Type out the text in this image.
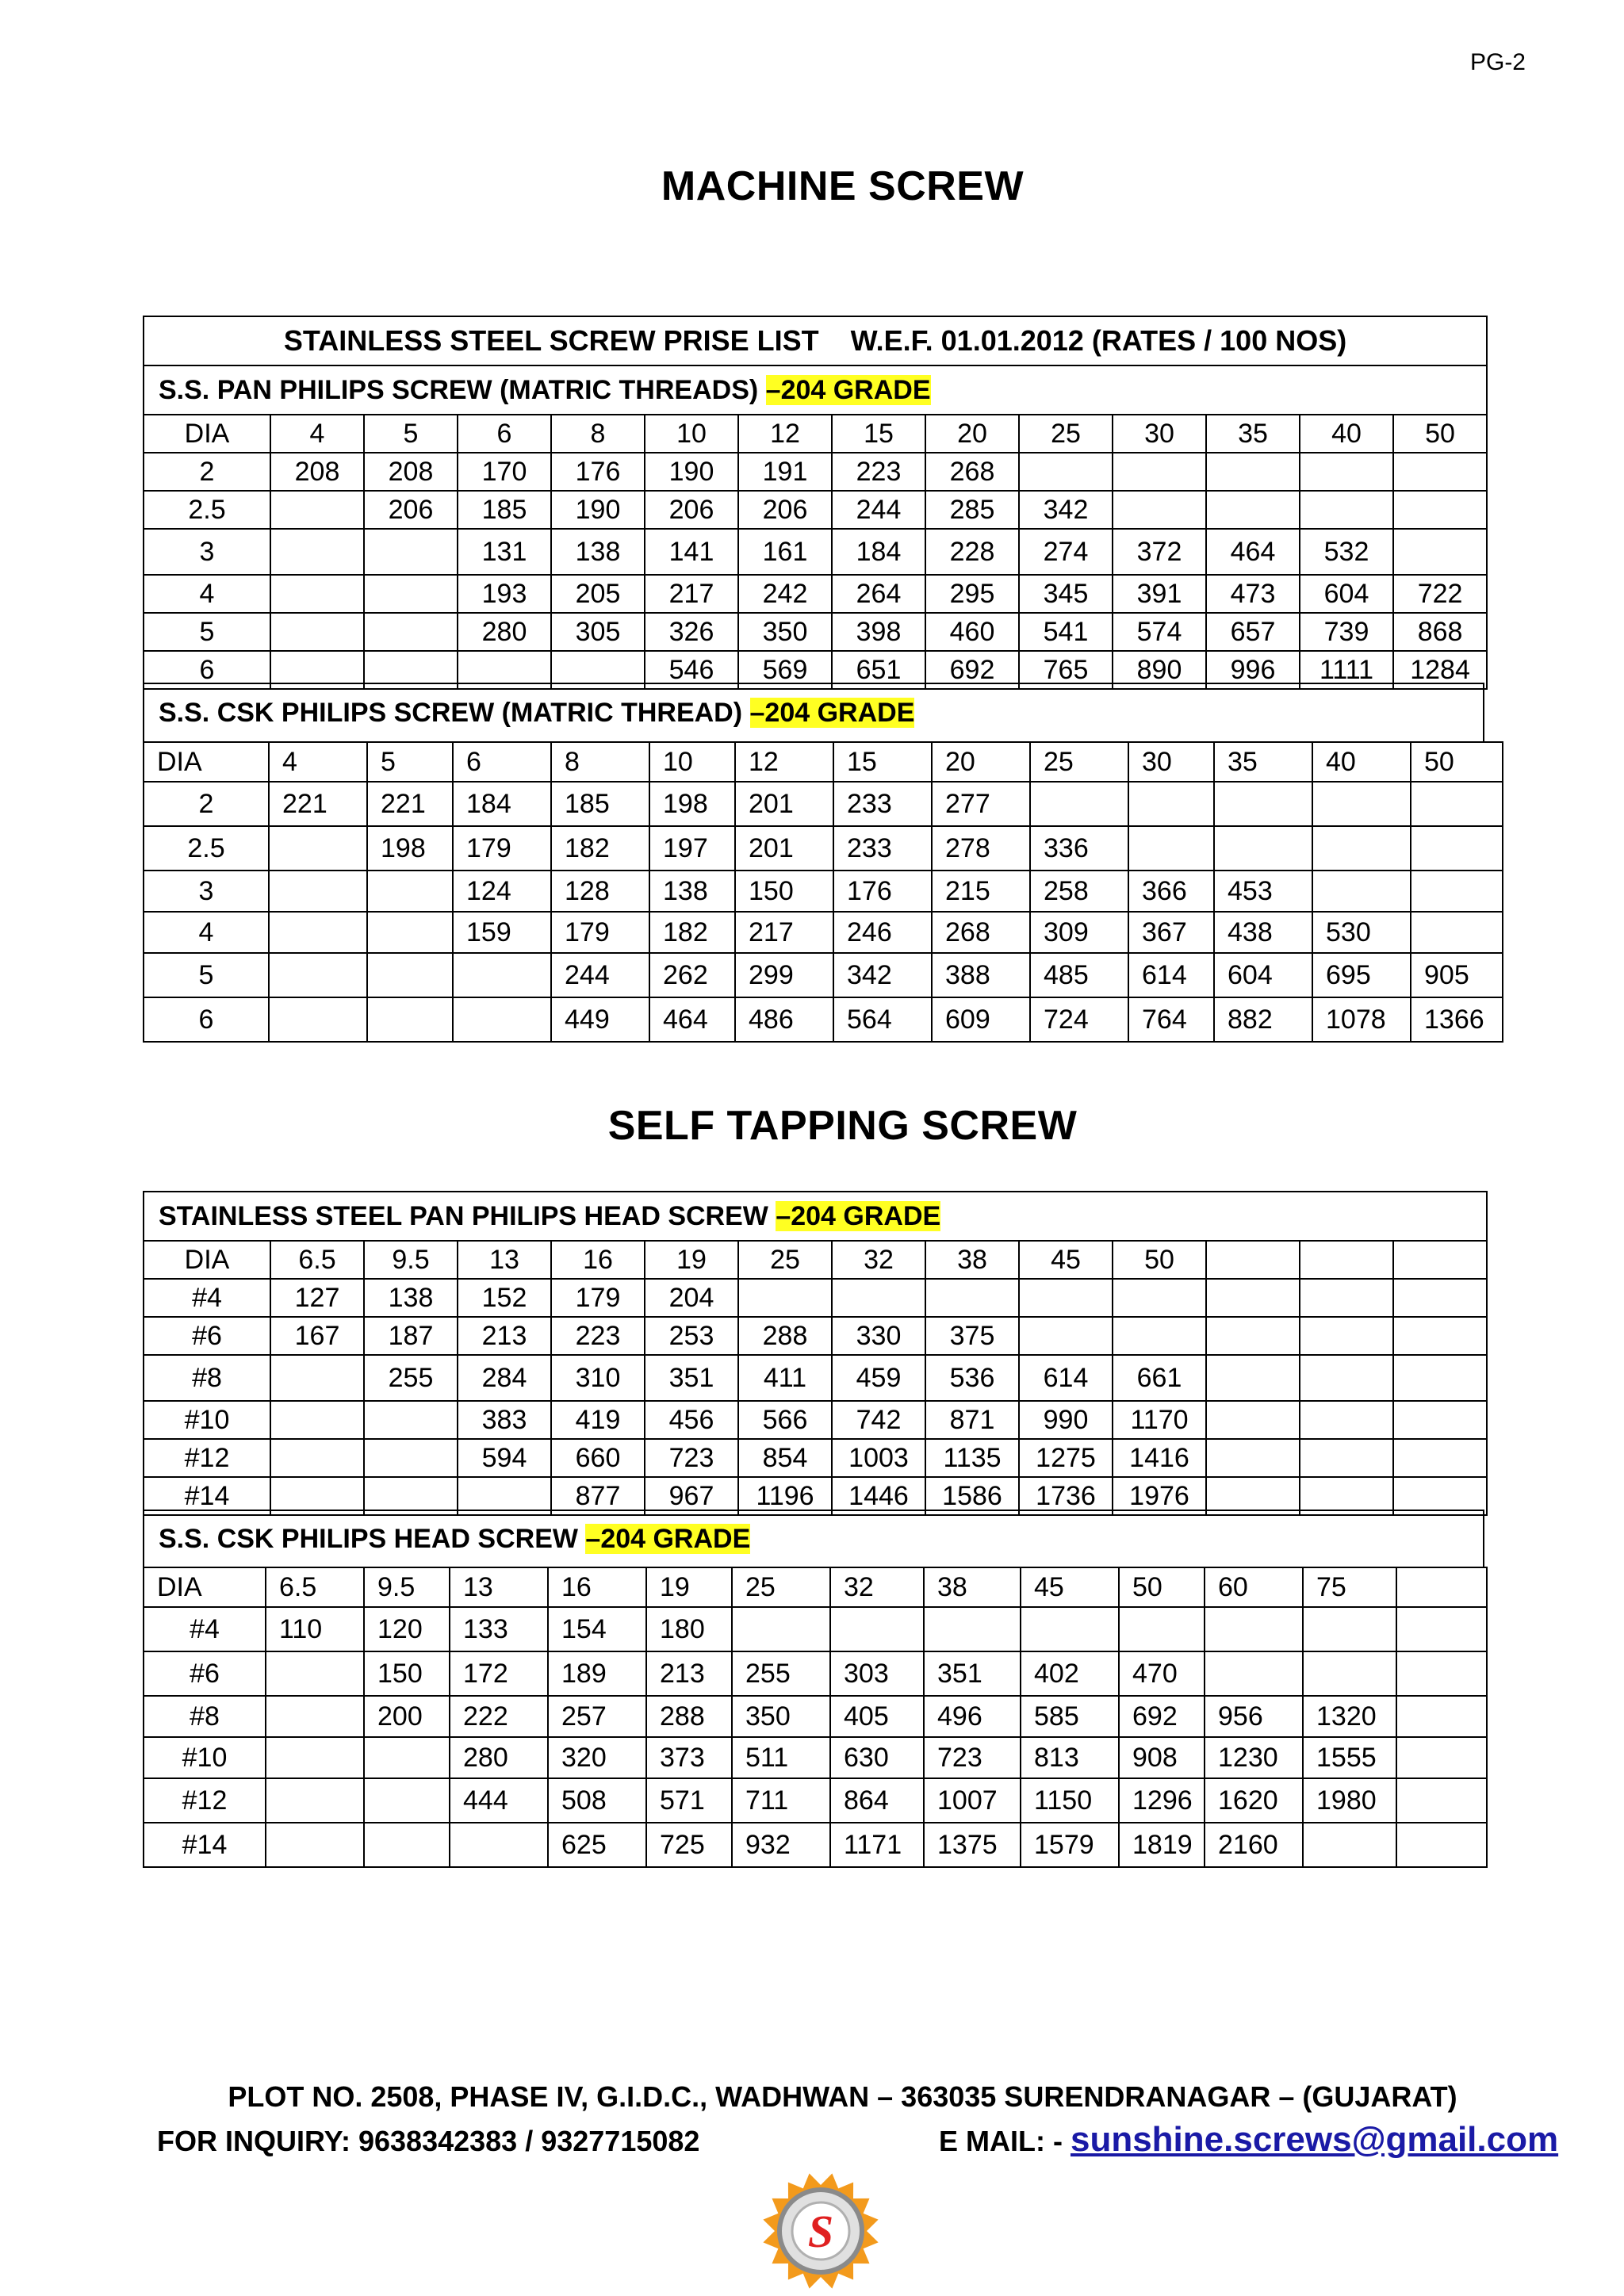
PG-2
MACHINE SCREW
STAINLESS STEEL SCREW PRISE LIST    W.E.F. 01.01.2012 (RATES / 100 NOS)													
S.S. PAN PHILIPS SCREW (MATRIC THREADS) –204 GRADE													
DIA	4	5	6	8	10	12	15	20	25	30	35	40	50
2	208	208	170	176	190	191	223	268					
2.5		206	185	190	206	206	244	285	342				
3			131	138	141	161	184	228	274	372	464	532	
4			193	205	217	242	264	295	345	391	473	604	722
5			280	305	326	350	398	460	541	574	657	739	868
6					546	569	651	692	765	890	996	1111	1284
S.S. CSK PHILIPS SCREW (MATRIC THREAD) –204 GRADE
DIA	4	5	6	8	10	12	15	20	25	30	35	40	50
2	221	221	184	185	198	201	233	277					
2.5		198	179	182	197	201	233	278	336				
3			124	128	138	150	176	215	258	366	453		
4			159	179	182	217	246	268	309	367	438	530	
5				244	262	299	342	388	485	614	604	695	905
6				449	464	486	564	609	724	764	882	1078	1366
SELF TAPPING SCREW
STAINLESS STEEL PAN PHILIPS HEAD SCREW –204 GRADE													
DIA	6.5	9.5	13	16	19	25	32	38	45	50			
#4	127	138	152	179	204								
#6	167	187	213	223	253	288	330	375					
#8		255	284	310	351	411	459	536	614	661			
#10			383	419	456	566	742	871	990	1170			
#12			594	660	723	854	1003	1135	1275	1416			
#14				877	967	1196	1446	1586	1736	1976			
S.S. CSK PHILIPS HEAD SCREW –204 GRADE
DIA	6.5	9.5	13	16	19	25	32	38	45	50	60	75	
#4	110	120	133	154	180								
#6		150	172	189	213	255	303	351	402	470			
#8		200	222	257	288	350	405	496	585	692	956	1320	
#10			280	320	373	511	630	723	813	908	1230	1555	
#12			444	508	571	711	864	1007	1150	1296	1620	1980	
#14				625	725	932	1171	1375	1579	1819	2160		
PLOT NO. 2508, PHASE IV, G.I.D.C., WADHWAN – 363035 SURENDRANAGAR – (GUJARAT)
FOR INQUIRY: 9638342383 / 9327715082	E MAIL: - sunshine.screws@gmail.com
S
